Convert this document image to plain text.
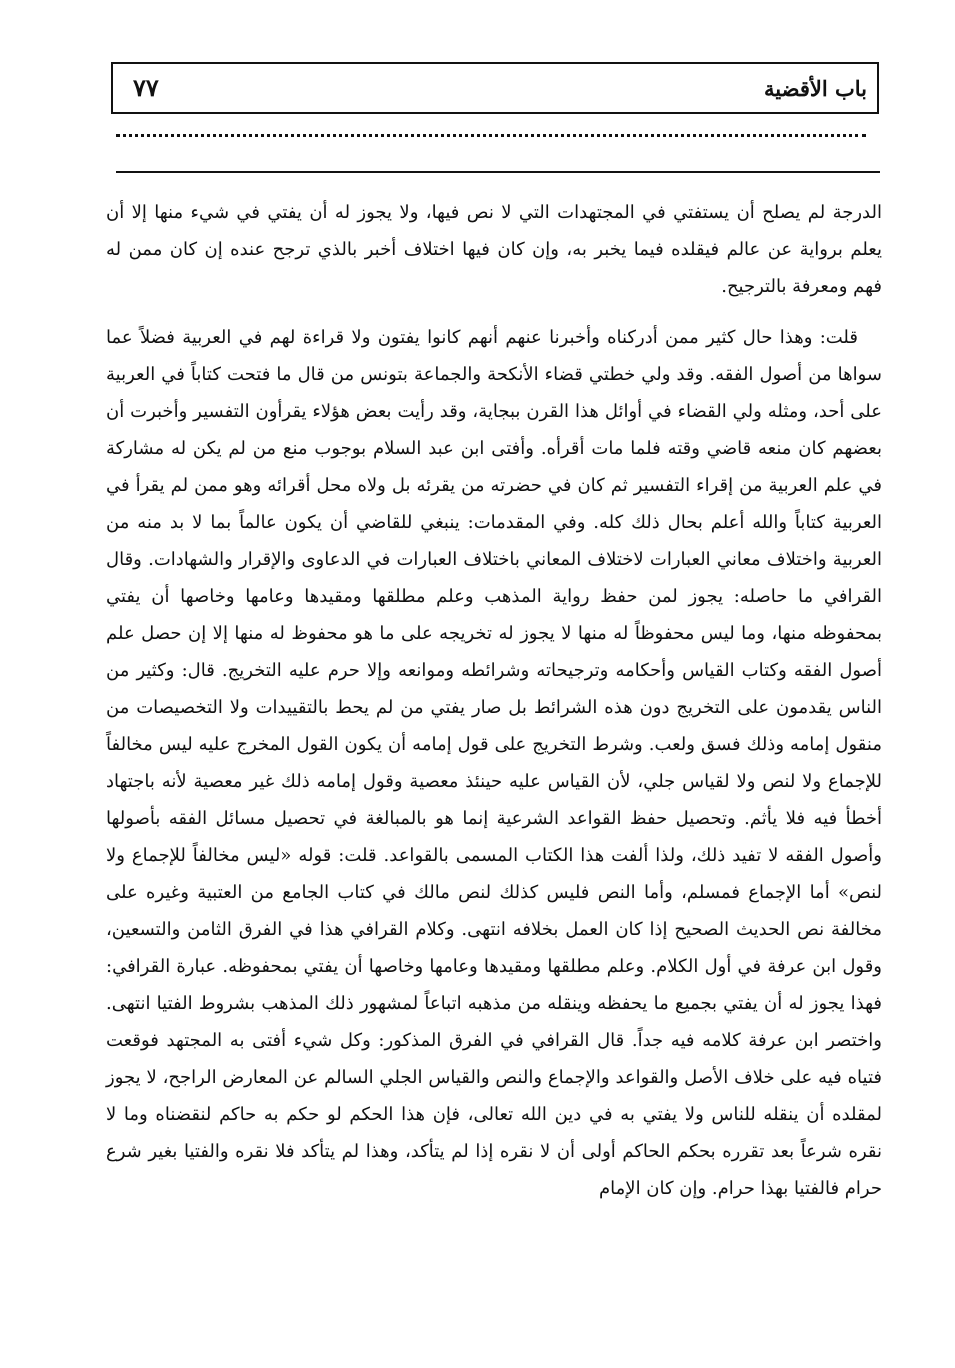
باب الأقضية
٧٧

الدرجة لم يصلح أن يستفتي في المجتهدات التي لا نص فيها، ولا يجوز له أن يفتي في شيء منها إلا أن يعلم برواية عن عالم فيقلده فيما يخبر به، وإن كان فيها اختلاف أخبر بالذي ترجح عنده إن كان ممن له فهم ومعرفة بالترجيح.

قلت: وهذا حال كثير ممن أدركناه وأخبرنا عنهم أنهم كانوا يفتون ولا قراءة لهم في العربية فضلاً عما سواها من أصول الفقه. وقد ولي خطتي قضاء الأنكحة والجماعة بتونس من قال ما فتحت كتاباً في العربية على أحد، ومثله ولي القضاء في أوائل هذا القرن ببجاية، وقد رأيت بعض هؤلاء يقرأون التفسير وأخبرت أن بعضهم كان منعه قاضي وقته فلما مات أقرأه. وأفتى ابن عبد السلام بوجوب منع من لم يكن له مشاركة في علم العربية من إقراء التفسير ثم كان في حضرته من يقرئه بل ولاه محل أقرائه وهو ممن لم يقرأ في العربية كتاباً والله أعلم بحال ذلك كله. وفي المقدمات: ينبغي للقاضي أن يكون عالماً بما لا بد منه من العربية واختلاف معاني العبارات لاختلاف المعاني باختلاف العبارات في الدعاوى والإقرار والشهادات. وقال القرافي ما حاصله: يجوز لمن حفظ رواية المذهب وعلم مطلقها ومقيدها وعامها وخاصها أن يفتي بمحفوظه منها، وما ليس محفوظاً له منها لا يجوز له تخريجه على ما هو محفوظ له منها إلا إن حصل علم أصول الفقه وكتاب القياس وأحكامه وترجيحاته وشرائطه وموانعه وإلا حرم عليه التخريج. قال: وكثير من الناس يقدمون على التخريج دون هذه الشرائط بل صار يفتي من لم يحط بالتقييدات ولا التخصيصات من منقول إمامه وذلك فسق ولعب. وشرط التخريج على قول إمامه أن يكون القول المخرج عليه ليس مخالفاً للإجماع ولا لنص ولا لقياس جلي، لأن القياس عليه حينئذ معصية وقول إمامه ذلك غير معصية لأنه باجتهاد أخطأ فيه فلا يأثم. وتحصيل حفظ القواعد الشرعية إنما هو بالمبالغة في تحصيل مسائل الفقه بأصولها وأصول الفقه لا تفيد ذلك، ولذا ألفت هذا الكتاب المسمى بالقواعد. قلت: قوله «ليس مخالفاً للإجماع ولا لنص» أما الإجماع فمسلم، وأما النص فليس كذلك لنص مالك في كتاب الجامع من العتبية وغيره على مخالفة نص الحديث الصحيح إذا كان العمل بخلافه انتهى. وكلام القرافي هذا في الفرق الثامن والتسعين، وقول ابن عرفة في أول الكلام. وعلم مطلقها ومقيدها وعامها وخاصها أن يفتي بمحفوظه. عبارة القرافي: فهذا يجوز له أن يفتي بجميع ما يحفظه وينقله من مذهبه اتباعاً لمشهور ذلك المذهب بشروط الفتيا انتهى. واختصر ابن عرفة كلامه فيه جداً. قال القرافي في الفرق المذكور: وكل شيء أفتى به المجتهد فوقعت فتياه فيه على خلاف الأصل والقواعد والإجماع والنص والقياس الجلي السالم عن المعارض الراجح، لا يجوز لمقلده أن ينقله للناس ولا يفتي به في دين الله تعالى، فإن هذا الحكم لو حكم به حاكم لنقضناه وما لا نقره شرعاً بعد تقرره بحكم الحاكم أولى أن لا نقره إذا لم يتأكد، وهذا لم يتأكد فلا نقره والفتيا بغير شرع حرام فالفتيا بهذا حرام. وإن كان الإمام
